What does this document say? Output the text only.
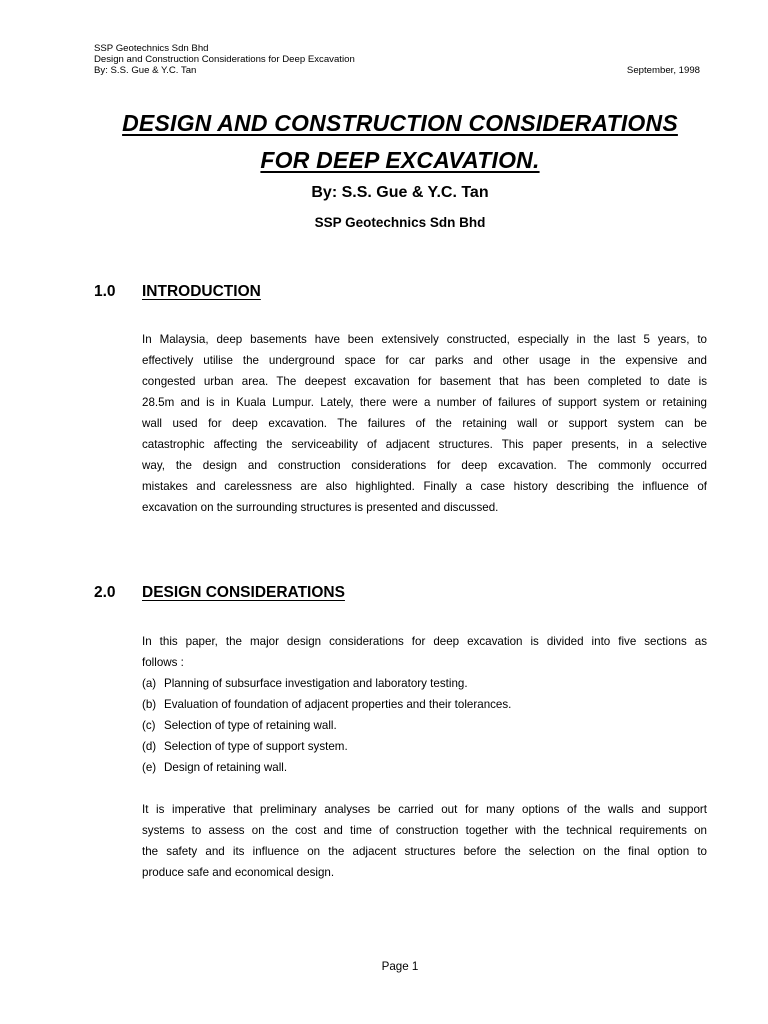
SSP Geotechnics Sdn Bhd
Design and Construction Considerations for Deep Excavation
By: S.S. Gue & Y.C. Tan	September, 1998
DESIGN AND CONSTRUCTION CONSIDERATIONS
FOR DEEP EXCAVATION.
By: S.S. Gue & Y.C. Tan
SSP Geotechnics Sdn Bhd
1.0	INTRODUCTION
In Malaysia, deep basements have been extensively constructed, especially in the last 5 years, to
effectively utilise the underground space for car parks and other usage in the expensive and
congested urban area. The deepest excavation for basement that has been completed to date is
28.5m and is in Kuala Lumpur. Lately, there were a number of failures of support system or retaining
wall used for deep excavation. The failures of the retaining wall or support system can be
catastrophic affecting the serviceability of adjacent structures. This paper presents, in a selective
way, the design and construction considerations for deep excavation. The commonly occurred
mistakes and carelessness are also highlighted. Finally a case history describing the influence of
excavation on the surrounding structures is presented and discussed.
2.0	DESIGN CONSIDERATIONS
In this paper, the major design considerations for deep excavation is divided into five sections as
follows :
(a) Planning of subsurface investigation and laboratory testing.
(b) Evaluation of foundation of adjacent properties and their tolerances.
(c) Selection of type of retaining wall.
(d) Selection of type of support system.
(e) Design of retaining wall.
It is imperative that preliminary analyses be carried out for many options of the walls and support
systems to assess on the cost and time of construction together with the technical requirements on
the safety and its influence on the adjacent structures before the selection on the final option to
produce safe and economical design.
Page 1
